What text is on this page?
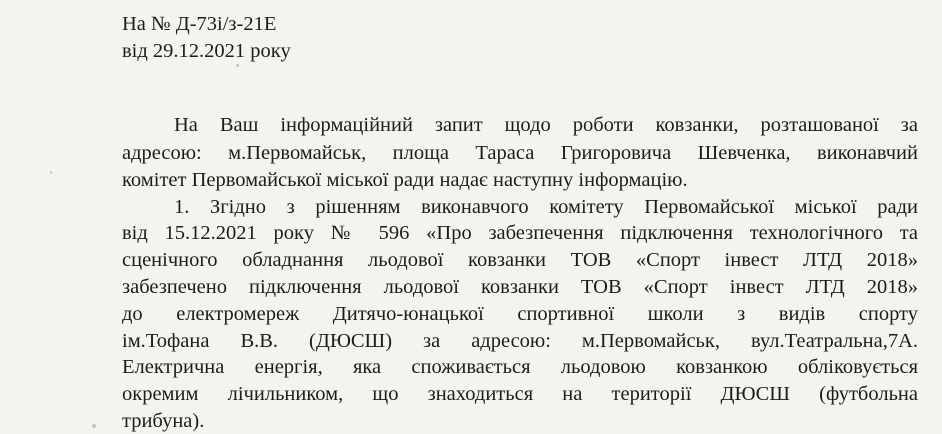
На № Д-73і/з-21Е
від 29.12.2021 року
На Ваш інформаційний запит щодо роботи ковзанки, розташованої за
адресою: м.Первомайськ, площа Тараса Григоровича Шевченка, виконавчий
комітет Первомайської міської ради надає наступну інформацію.
1. Згідно з рішенням виконавчого комітету Первомайської міської ради
від 15.12.2021 року № 596 «Про забезпечення підключення технологічного та
сценічного обладнання льодової ковзанки ТОВ «Спорт інвест ЛТД 2018»
забезпечено підключення льодової ковзанки ТОВ «Спорт інвест ЛТД 2018»
до електромереж Дитячо-юнацької спортивної школи з видів спорту
ім.Тофана В.В. (ДЮСШ) за адресою: м.Первомайськ, вул.Театральна,7А.
Електрична енергія, яка споживається льодовою ковзанкою обліковується
окремим лічильником, що знаходиться на території ДЮСШ (футбольна
трибуна).
